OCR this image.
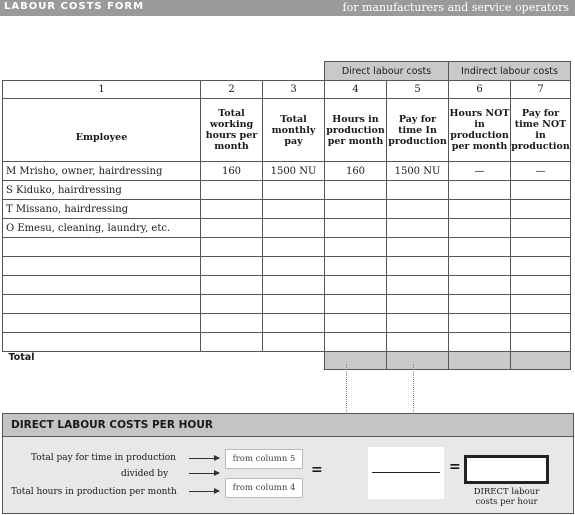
LABOUR COSTS FORM	for manufacturers and service operators
			Direct labour costs		Indirect labour costs	
1	2	3	4	5	6	7
Employee	Total working hours per month	Total monthly pay	Hours in production per month	Pay for time In production	Hours NOT in production per month	Pay for time NOT in production
M Mrisho, owner, hairdressing	160	1500 NU	160	1500 NU	—	—
S Kiduko, hairdressing						
T Missano, hairdressing						
O Emesu, cleaning, laundry, etc.						

Total						
DIRECT LABOUR COSTS PER HOUR
Total pay for time in production
divided by
Total hours in production per month
from column 5
from column 4
=	=
DIRECT labour
costs per hour
